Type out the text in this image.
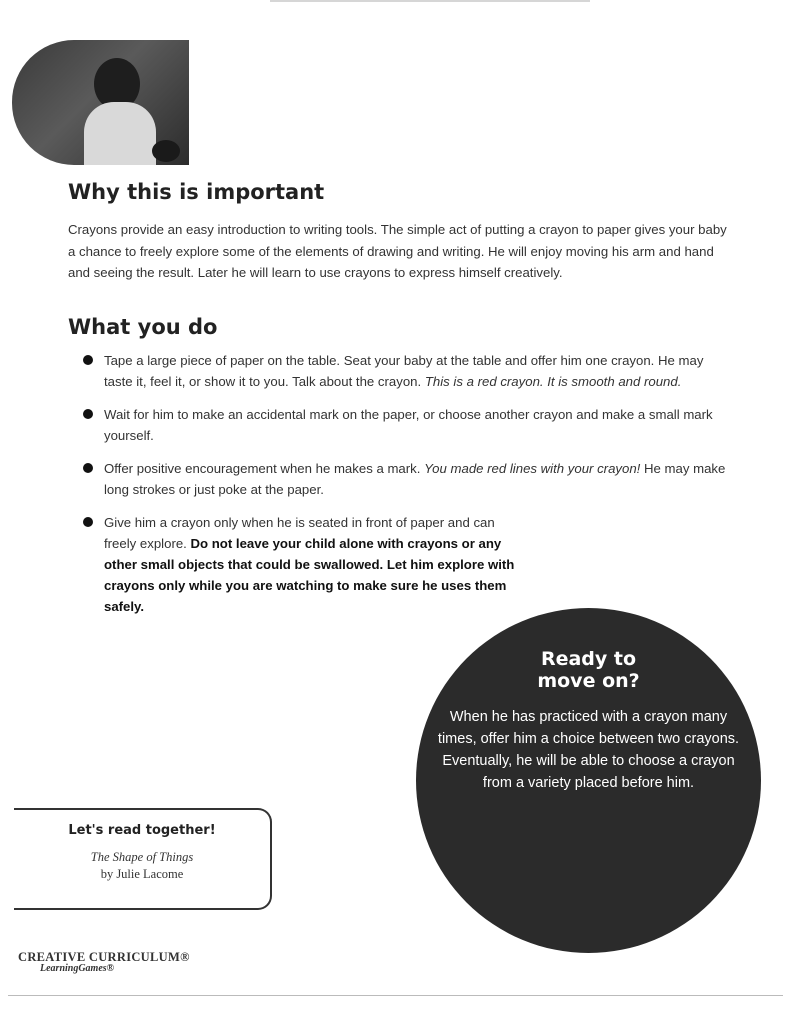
Why this is important
Crayons provide an easy introduction to writing tools. The simple act of putting a crayon to paper gives your baby a chance to freely explore some of the elements of drawing and writing. He will enjoy moving his arm and hand and seeing the result. Later he will learn to use crayons to express himself creatively.
What you do
Tape a large piece of paper on the table. Seat your baby at the table and offer him one crayon. He may taste it, feel it, or show it to you. Talk about the crayon. This is a red crayon. It is smooth and round.
Wait for him to make an accidental mark on the paper, or choose another crayon and make a small mark yourself.
Offer positive encouragement when he makes a mark. You made red lines with your crayon! He may make long strokes or just poke at the paper.
Give him a crayon only when he is seated in front of paper and can freely explore. Do not leave your child alone with crayons or any other small objects that could be swallowed. Let him explore with crayons only while you are watching to make sure he uses them safely.
Ready to
move on?
When he has practiced with a crayon many times, offer him a choice between two crayons. Eventually, he will be able to choose a crayon from a variety placed before him.
Let's read together!
The Shape of Things
by Julie Lacome
CREATIVE CURRICULUM®
LearningGames®
